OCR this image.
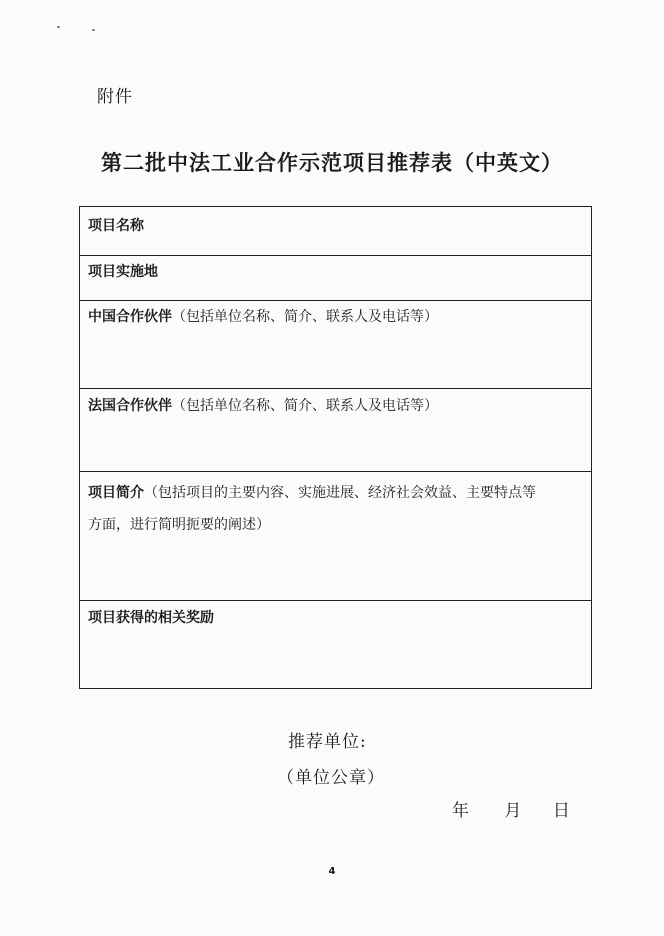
附件
第二批中法工业合作示范项目推荐表（中英文）
项目名称
项目实施地
中国合作伙伴（包括单位名称、简介、联系人及电话等）
法国合作伙伴（包括单位名称、简介、联系人及电话等）
项目简介（包括项目的主要内容、实施进展、经济社会效益、主要特点等
方面，进行简明扼要的阐述）
项目获得的相关奖励
推荐单位:
（单位公章）
年 月 日
4
